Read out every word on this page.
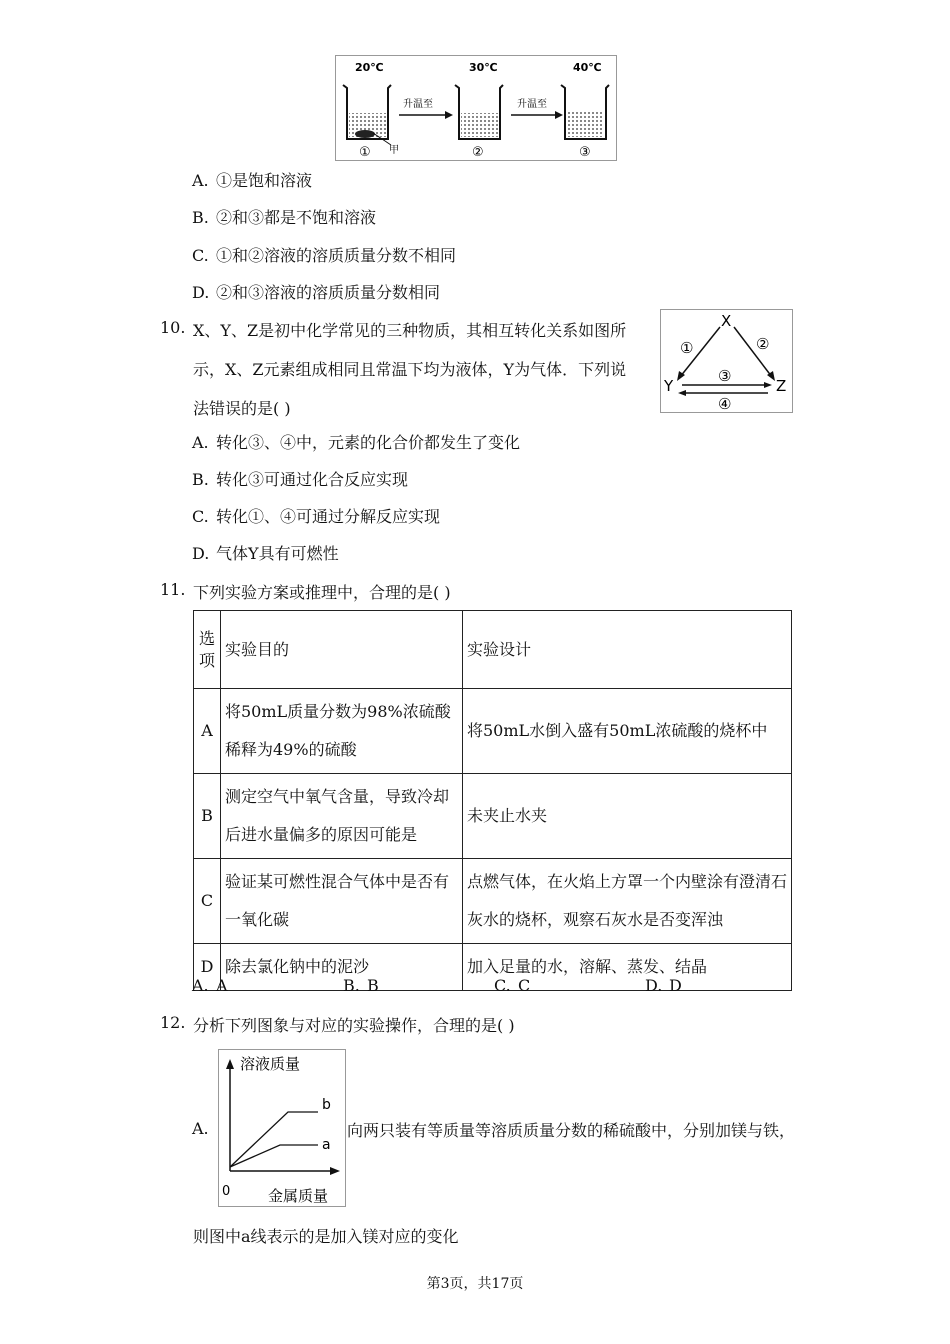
20℃	30℃	40℃
甲
①
升温至
②
升温至
③
A. ①是饱和溶液
B. ②和③都是不饱和溶液
C. ①和②溶液的溶质质量分数不相同
D. ②和③溶液的溶质质量分数相同
10. X、Y、Z是初中化学常见的三种物质，其相互转化关系如图所
示，X、Z元素组成相同且常温下均为液体，Y为气体．下列说
法错误的是( )
X
Y	Z
①	②
③
④
A. 转化③、④中，元素的化合价都发生了变化
B. 转化③可通过化合反应实现
C. 转化①、④可通过分解反应实现
D. 气体Y具有可燃性
11. 下列实验方案或推理中，合理的是( )
选项	实验目的	实验设计
A	将50mL质量分数为98%浓硫酸稀释为49%的硫酸	将50mL水倒入盛有50mL浓硫酸的烧杯中
B	测定空气中氧气含量，导致冷却后进水量偏多的原因可能是	未夹止水夹
C	验证某可燃性混合气体中是否有一氧化碳	点燃气体，在火焰上方罩一个内壁涂有澄清石灰水的烧杯，观察石灰水是否变浑浊
D	除去氯化钠中的泥沙	加入足量的水，溶解、蒸发、结晶
A. A	B. B	C. C	D. D
12. 分析下列图象与对应的实验操作，合理的是( )
A.
溶液质量
金属质量
0
b
a
向两只装有等质量等溶质质量分数的稀硫酸中，分别加镁与铁，
则图中a线表示的是加入镁对应的变化
第3页，共17页
